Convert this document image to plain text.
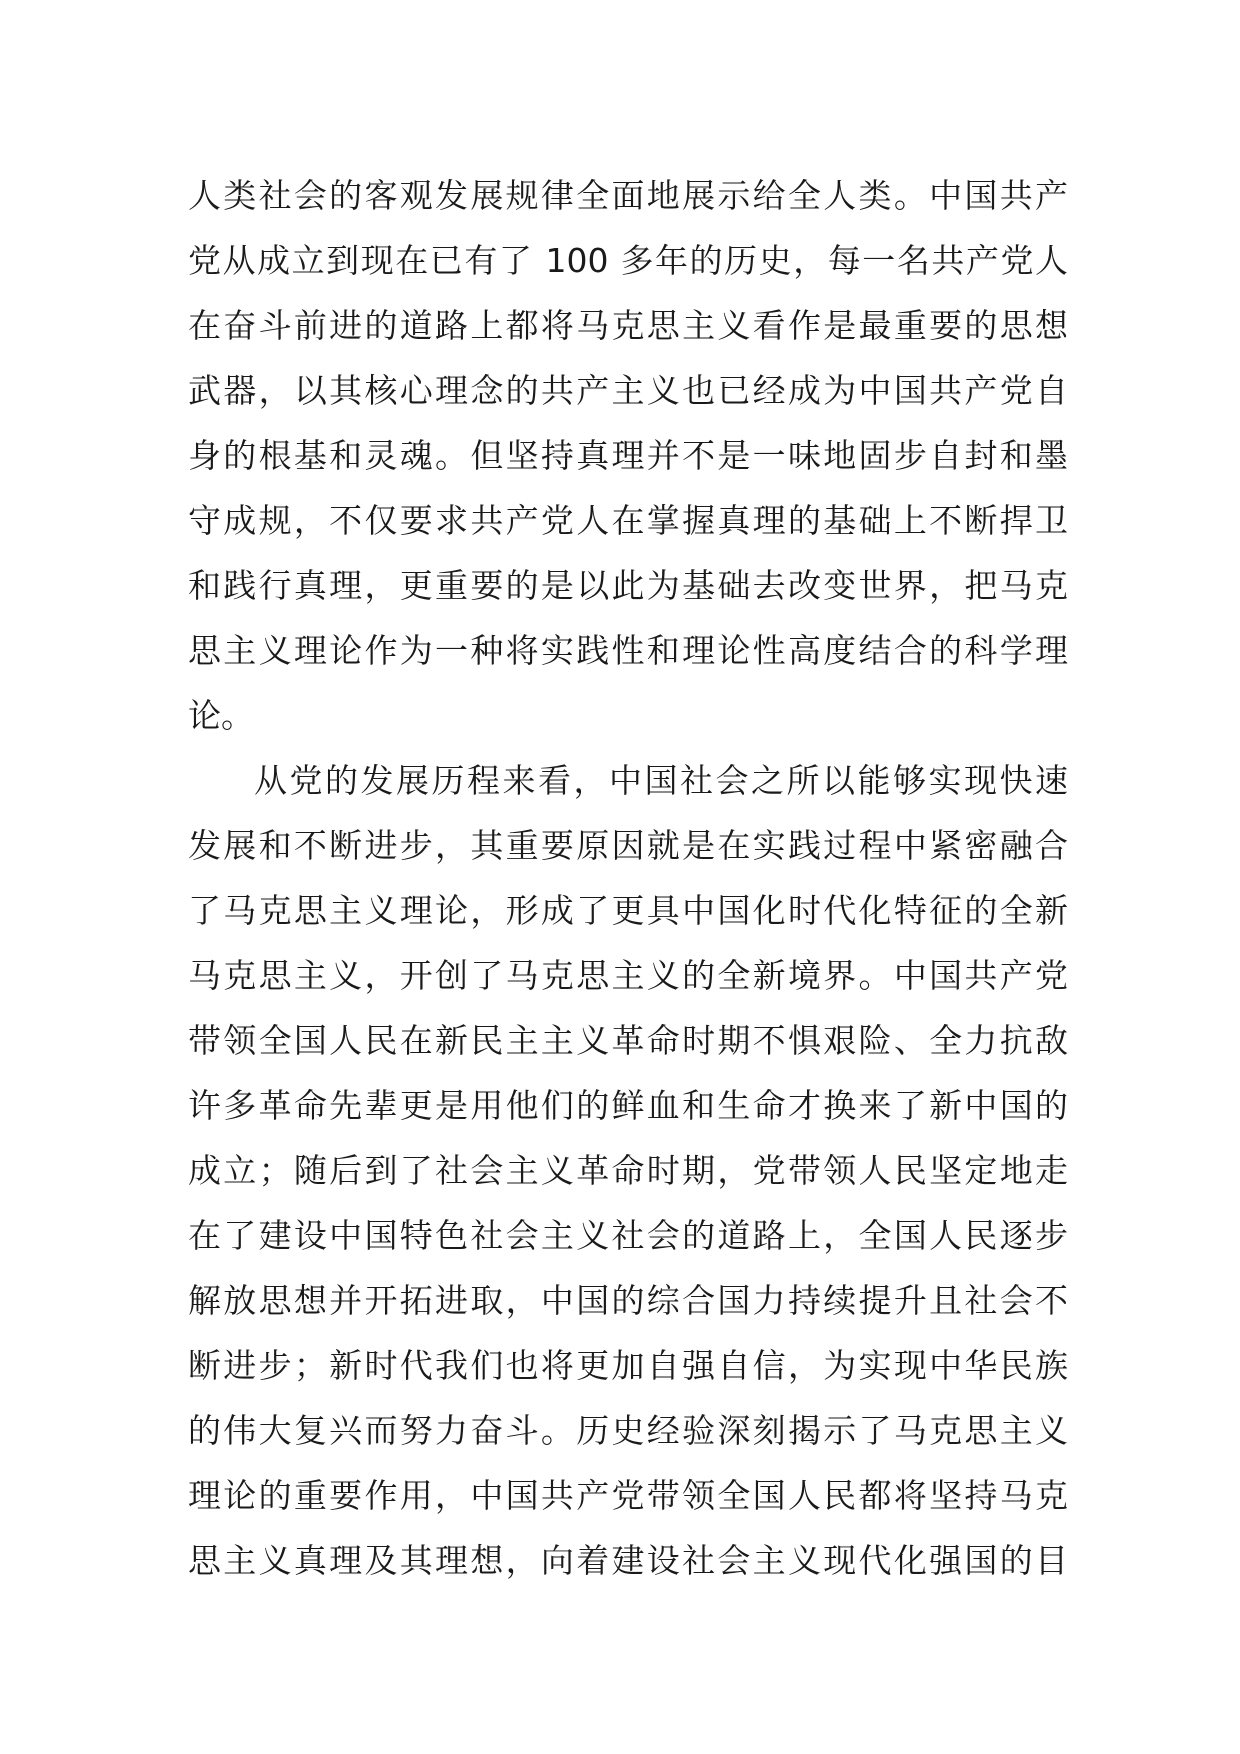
人类社会的客观发展规律全面地展示给全人类。中国共产
党从成立到现在已有了 100 多年的历史，每一名共产党人
在奋斗前进的道路上都将马克思主义看作是最重要的思想
武器，以其核心理念的共产主义也已经成为中国共产党自
身的根基和灵魂。但坚持真理并不是一味地固步自封和墨
守成规，不仅要求共产党人在掌握真理的基础上不断捍卫
和践行真理，更重要的是以此为基础去改变世界，把马克
思主义理论作为一种将实践性和理论性高度结合的科学理
论。
从党的发展历程来看，中国社会之所以能够实现快速
发展和不断进步，其重要原因就是在实践过程中紧密融合
了马克思主义理论，形成了更具中国化时代化特征的全新
马克思主义，开创了马克思主义的全新境界。中国共产党
带领全国人民在新民主主义革命时期不惧艰险、全力抗敌
许多革命先辈更是用他们的鲜血和生命才换来了新中国的
成立；随后到了社会主义革命时期，党带领人民坚定地走
在了建设中国特色社会主义社会的道路上，全国人民逐步
解放思想并开拓进取，中国的综合国力持续提升且社会不
断进步；新时代我们也将更加自强自信，为实现中华民族
的伟大复兴而努力奋斗。历史经验深刻揭示了马克思主义
理论的重要作用，中国共产党带领全国人民都将坚持马克
思主义真理及其理想，向着建设社会主义现代化强国的目
